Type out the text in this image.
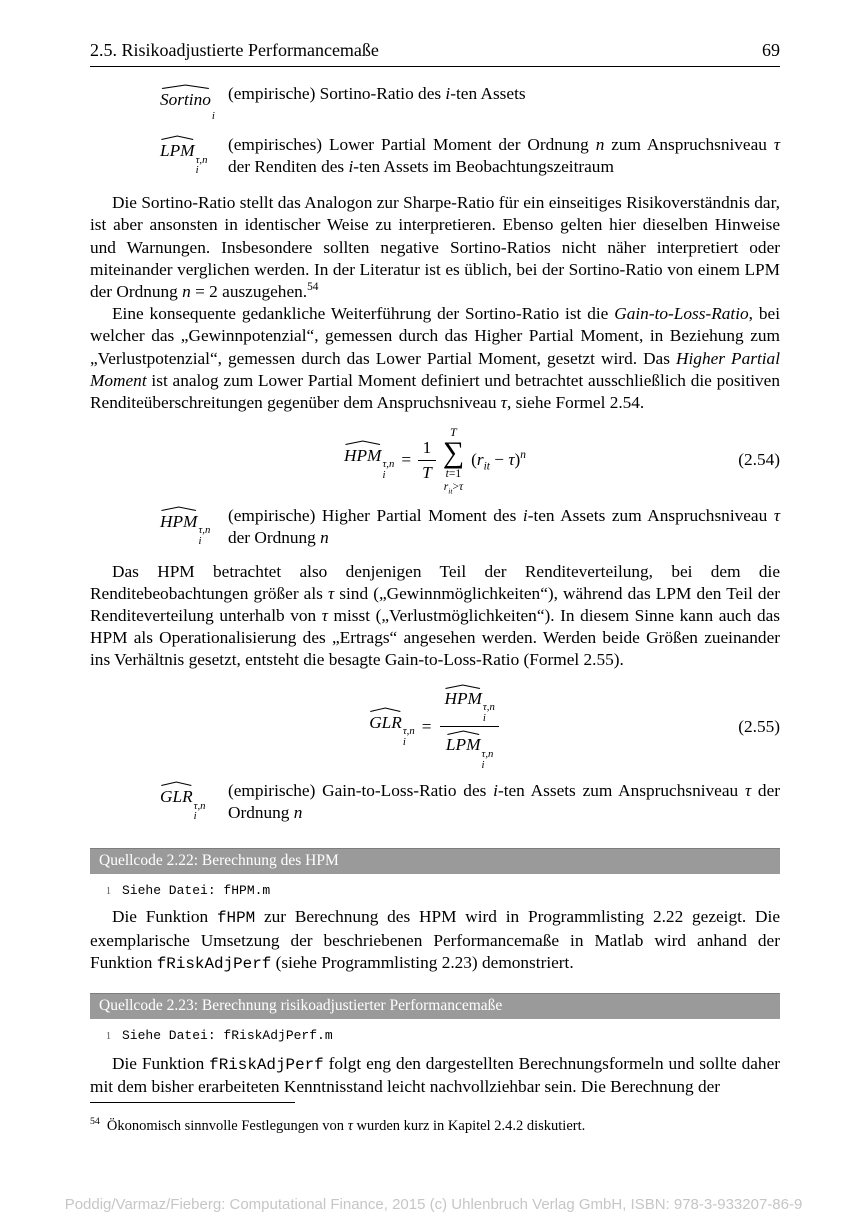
2.5. Risikoadjustierte Performancemaße	69
Sortino
i
(empirische) Sortino-Ratio des i-ten Assets
LPM τ,n
i
(empirisches) Lower Partial Moment der Ordnung n zum Anspruchsniveau τ der Renditen des i-ten Assets im Beobachtungszeitraum

Die Sortino-Ratio stellt das Analogon zur Sharpe-Ratio für ein einseitiges Risikoverständnis dar, ist aber ansonsten in identischer Weise zu interpretieren. Ebenso gelten hier dieselben Hinweise und Warnungen. Insbesondere sollten negative Sortino-Ratios nicht näher interpretiert oder miteinander verglichen werden. In der Literatur ist es üblich, bei der Sortino-Ratio von einem LPM der Ordnung n = 2 auszugehen.$^{54}$

Eine konsequente gedankliche Weiterführung der Sortino-Ratio ist die Gain-to-Loss-Ratio, bei welcher das „Gewinnpotenzial“, gemessen durch das Higher Partial Moment, in Beziehung zum „Verlustpotenzial“, gemessen durch das Lower Partial Moment, gesetzt wird. Das Higher Partial Moment ist analog zum Lower Partial Moment definiert und betrachtet ausschließlich die positiven Renditeüberschreitungen gegenüber dem Anspruchsniveau τ, siehe Formel 2.54.

HPM τ,n
i
= $\frac{1}{T}$
T
∑
t=1
$r_{it}>\tau$
$(r_{it} - \tau)^n$	(2.54)
HPM τ,n
i
(empirische) Higher Partial Moment des i-ten Assets zum Anspruchsniveau τ der Ordnung n

Das HPM betrachtet also denjenigen Teil der Renditeverteilung, bei dem die Renditebeobachtungen größer als τ sind („Gewinnmöglichkeiten“), während das LPM den Teil der Renditeverteilung unterhalb von τ misst („Verlustmöglichkeiten“). In diesem Sinne kann auch das HPM als Operationalisierung des „Ertrags“ angesehen werden. Werden beide Größen zueinander ins Verhältnis gesetzt, entsteht die besagte Gain-to-Loss-Ratio (Formel 2.55).

GLR τ,n
i
= HPM τ,n
i
LPM τ,n
i	(2.55)
GLR τ,n
i
(empirische) Gain-to-Loss-Ratio des i-ten Assets zum Anspruchsniveau τ der Ordnung n
Quellcode 2.22: Berechnung des HPM
1 Siehe Datei: fHPM.m

Die Funktion fHPM zur Berechnung des HPM wird in Programmlisting 2.22 gezeigt. Die exemplarische Umsetzung der beschriebenen Performancemaße in Matlab wird anhand der Funktion fRiskAdjPerf (siehe Programmlisting 2.23) demonstriert.

Quellcode 2.23: Berechnung risikoadjustierter Performancemaße
1 Siehe Datei: fRiskAdjPerf.m

Die Funktion fRiskAdjPerf folgt eng den dargestellten Berechnungsformeln und sollte daher mit dem bisher erarbeiteten Kenntnisstand leicht nachvollziehbar sein. Die Berechnung der

$^{54}$ Ökonomisch sinnvolle Festlegungen von τ wurden kurz in Kapitel 2.4.2 diskutiert.
Poddig/Varmaz/Fieberg: Computational Finance, 2015 (c) Uhlenbruch Verlag GmbH, ISBN: 978-3-933207-86-9
